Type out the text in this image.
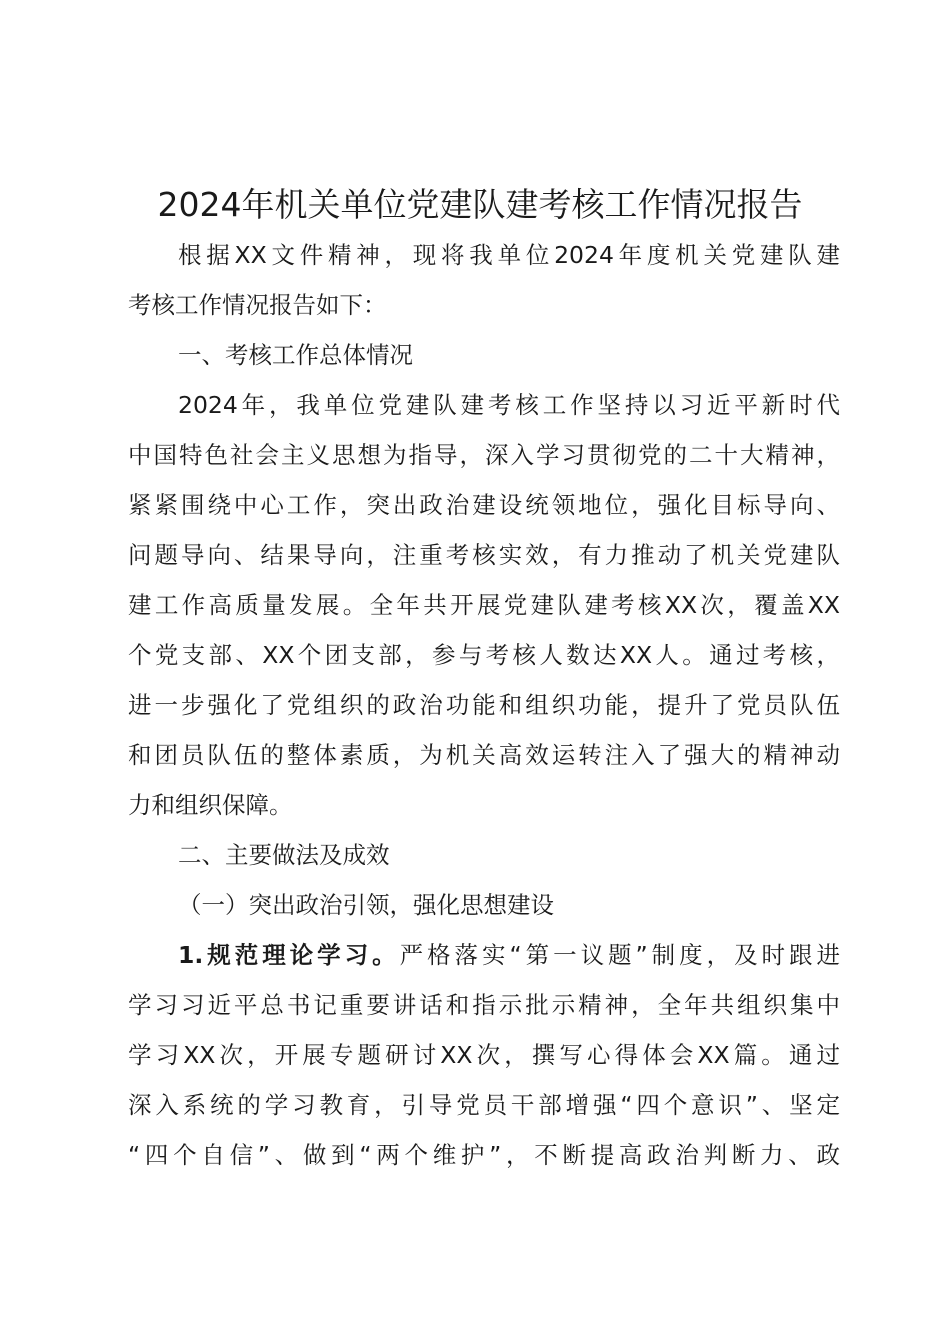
2024年机关单位党建队建考核工作情况报告
根据XX文件精神，现将我单位2024年度机关党建队建
考核工作情况报告如下：
一、考核工作总体情况
2024年，我单位党建队建考核工作坚持以习近平新时代
中国特色社会主义思想为指导，深入学习贯彻党的二十大精神，
紧紧围绕中心工作，突出政治建设统领地位，强化目标导向、
问题导向、结果导向，注重考核实效，有力推动了机关党建队
建工作高质量发展。全年共开展党建队建考核XX次，覆盖XX
个党支部、XX个团支部，参与考核人数达XX人。通过考核，
进一步强化了党组织的政治功能和组织功能，提升了党员队伍
和团员队伍的整体素质，为机关高效运转注入了强大的精神动
力和组织保障。
二、主要做法及成效
（一）突出政治引领，强化思想建设
1.规范理论学习。严格落实“第一议题”制度，及时跟进
学习习近平总书记重要讲话和指示批示精神，全年共组织集中
学习XX次，开展专题研讨XX次，撰写心得体会XX篇。通过
深入系统的学习教育，引导党员干部增强“四个意识”、坚定
“四个自信”、做到“两个维护”，不断提高政治判断力、政
